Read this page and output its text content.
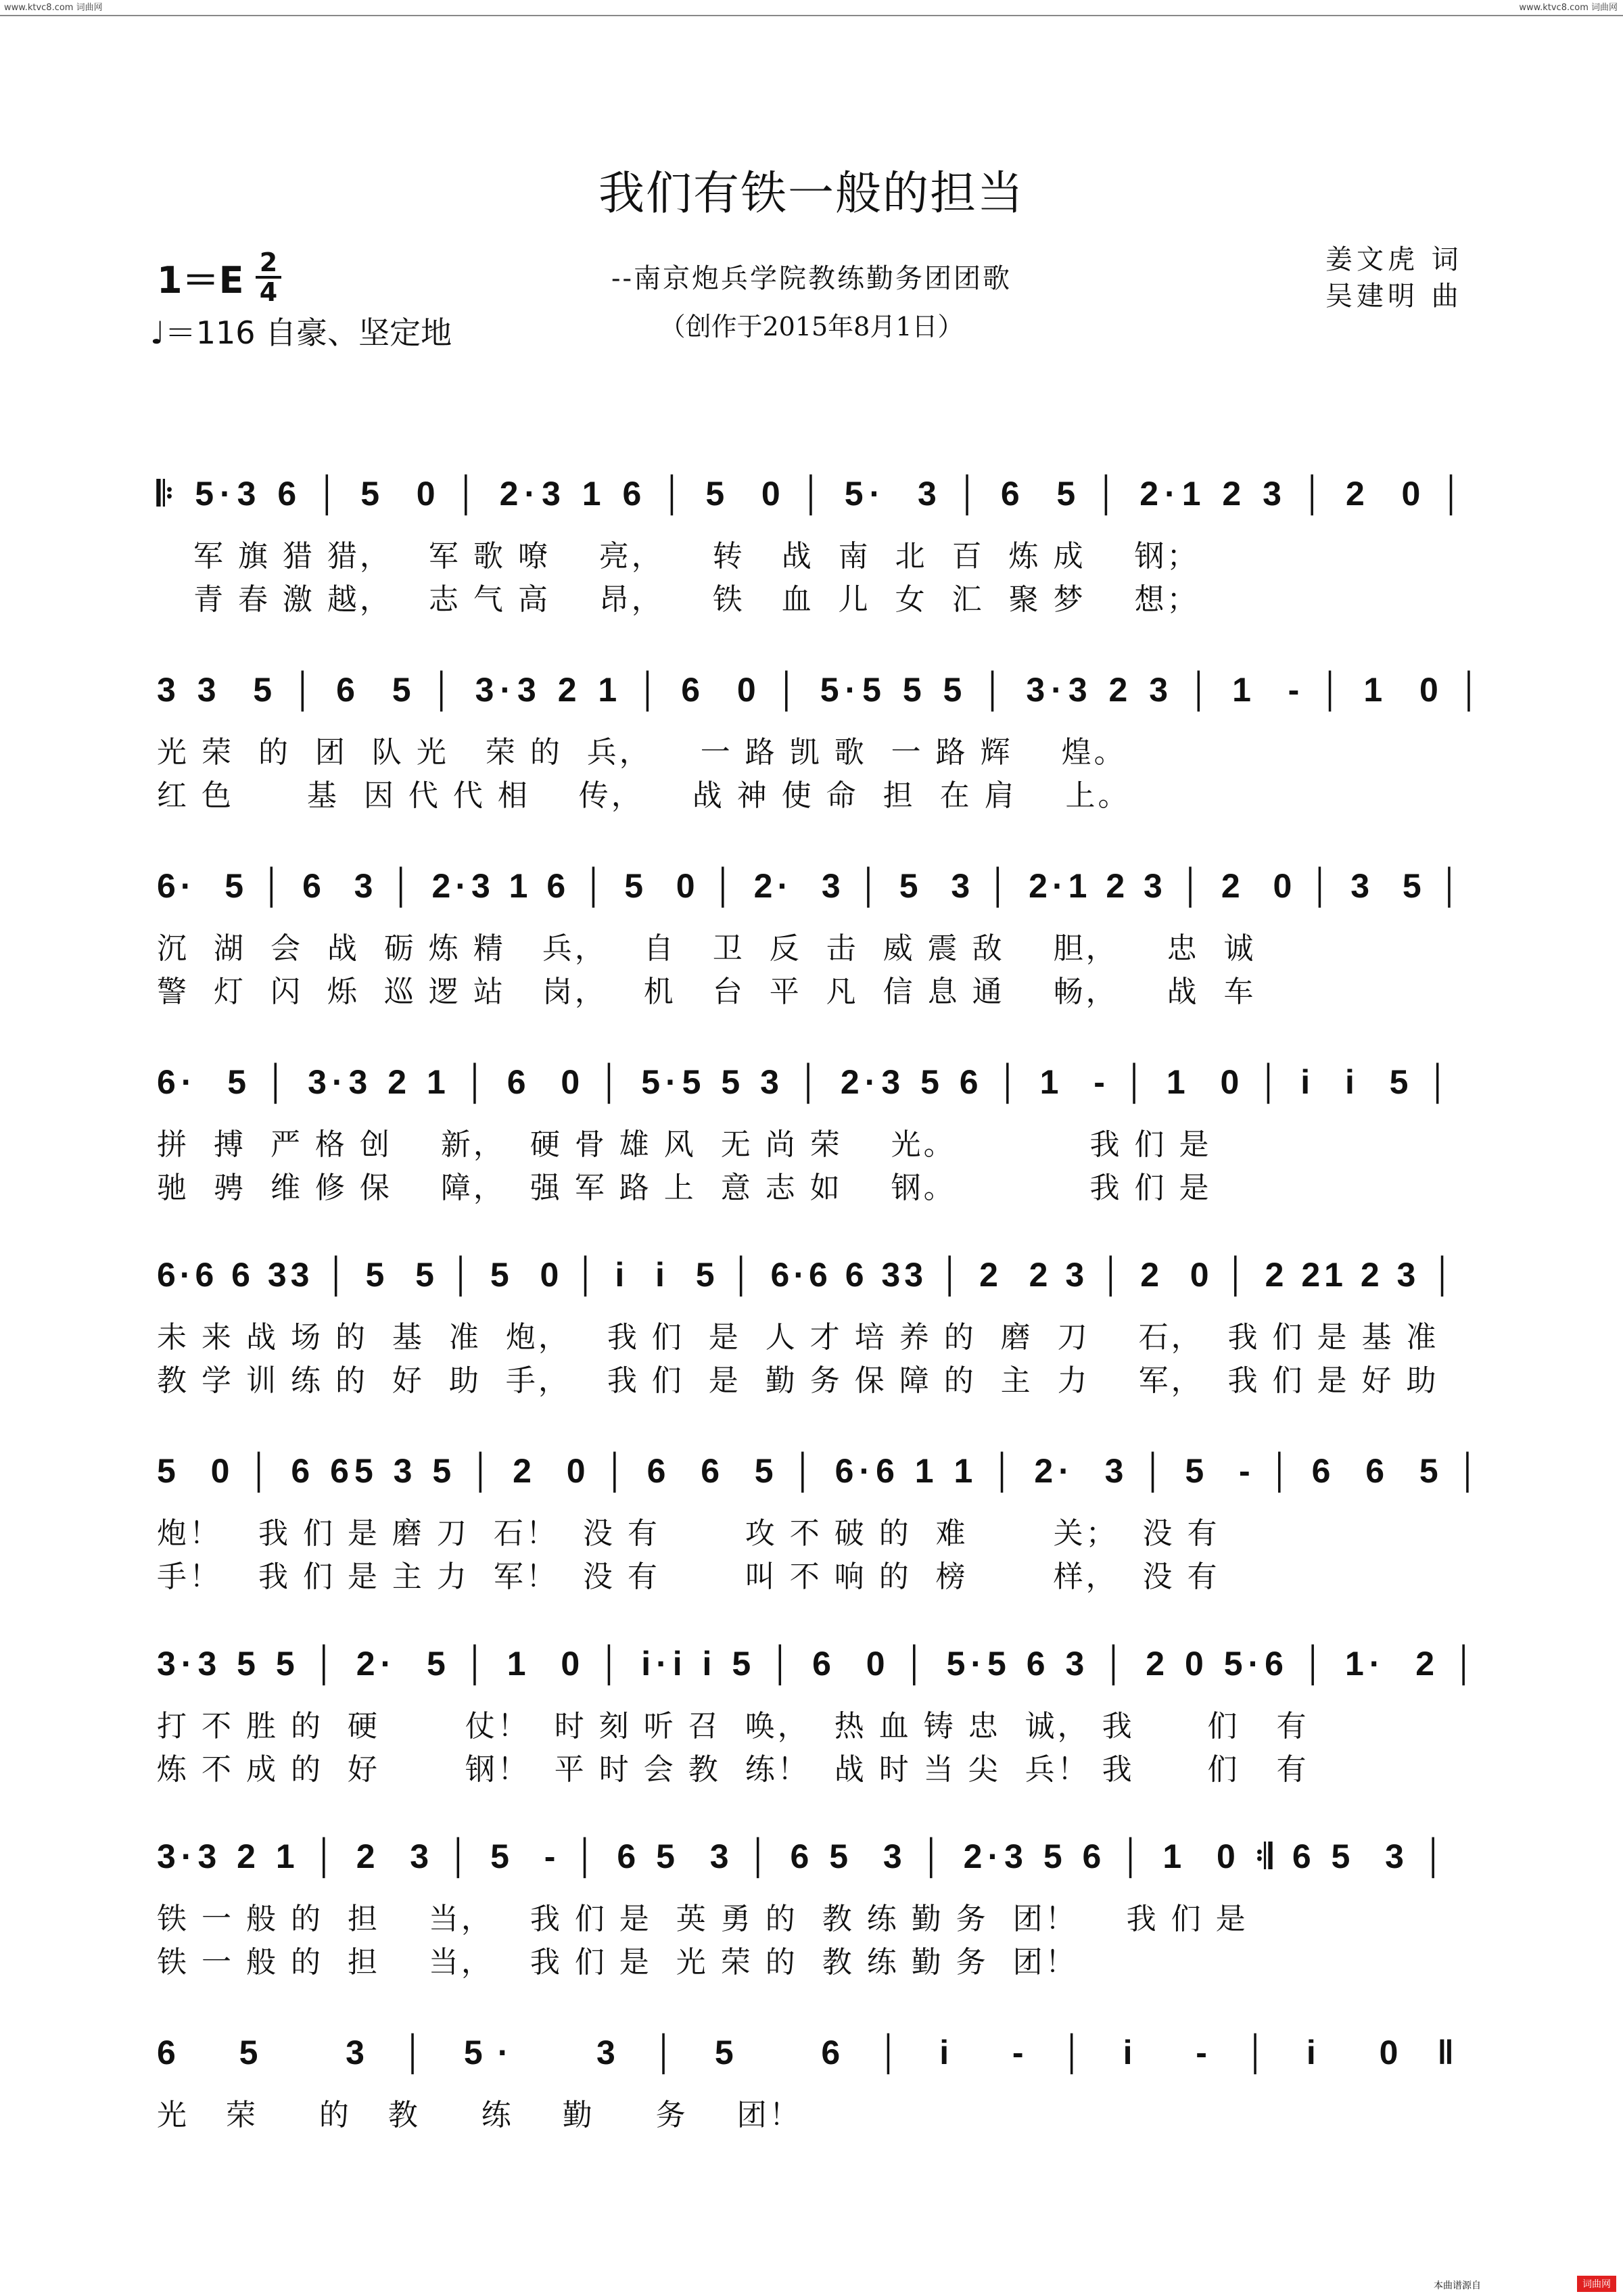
www.ktvc8.com 词曲网	www.ktvc8.com 词曲网
我们有铁一般的担当
1＝E 2
4
♩＝116 自豪、坚定地
--南京炮兵学院教练勤务团团歌
（创作于2015年8月1日）
姜文虎 词
吴建明 曲
𝄆 5·3 6 │ 5  0 │ 2·3 1 6 │ 5  0 │ 5·  3 │ 6  5 │ 2·1 2 3 │ 2  0 │
军 旗 猎 猎，   军 歌 嘹    亮，    转   战  南  北  百  炼 成    钢；
青 春 激 越，   志 气 高    昂，    铁   血  儿  女  汇  聚 梦    想；
3 3  5 │ 6  5 │ 3·3 2 1 │ 6  0 │ 5·5 5 5 │ 3·3 2 3 │ 1  - │ 1  0 │
光 荣  的  团  队 光   荣 的  兵，    一 路 凯 歌  一 路 辉    煌。
红 色      基  因 代 代 相    传，    战 神 使 命  担  在 肩    上。
6·  5 │ 6  3 │ 2·3 1 6 │ 5  0 │ 2·  3 │ 5  3 │ 2·1 2 3 │ 2  0 │ 3  5 │
沉  湖  会  战  砺 炼 精   兵，   自   卫  反  击  威 震 敌    胆，    忠  诚
警  灯  闪  烁  巡 逻 站   岗，   机   台  平  凡  信 息 通    畅，    战  车
6·  5 │ 3·3 2 1 │ 6  0 │ 5·5 5 3 │ 2·3 5 6 │ 1  - │ 1  0 │ i  i  5 │
拼  搏  严 格 创    新，  硬 骨 雄 风  无 尚 荣    光。           我 们 是
驰  骋  维 修 保    障，  强 军 路 上  意 志 如    钢。           我 们 是
6·6 6 33 │ 5  5 │ 5  0 │ i  i  5 │ 6·6 6 33 │ 2  2 3 │ 2  0 │ 2 21 2 3 │
未 来 战 场 的  基  准  炮，   我 们  是  人 才 培 养 的  磨  刀    石，  我 们 是 基 准
教 学 训 练 的  好  助  手，   我 们  是  勤 务 保 障 的  主  力    军，  我 们 是 好 助
5  0 │ 6 65 3 5 │ 2  0 │ 6  6  5 │ 6·6 1 1 │ 2·  3 │ 5  - │ 6  6  5 │
炮！   我 们 是 磨 刀  石！  没 有       攻 不 破 的  难       关；  没 有
手！   我 们 是 主 力  军！  没 有       叫 不 响 的  榜       样，  没 有
3·3 5 5 │ 2·  5 │ 1  0 │ i·i i 5 │ 6  0 │ 5·5 6 3 │ 2 0 5·6 │ 1·  2 │
打 不 胜 的  硬       仗！  时 刻 听 召  唤，  热 血 铸 忠  诚， 我      们   有
炼 不 成 的  好       钢！  平 时 会 教  练！  战 时 当 尖  兵！ 我      们   有
3·3 2 1 │ 2  3 │ 5  - │ 6 5  3 │ 6 5  3 │ 2·3 5 6 │ 1  0 𝄇 6 5  3 │
铁 一 般 的  担    当，   我 们 是  英 勇 的  教 练 勤 务  团！    我 们 是
铁 一 般 的  担    当，   我 们 是  光 荣 的  教 练 勤 务  团！
6  5   3 │ 5·   3 │ 5   6 │ i  - │ i  - │ i  0 ‖
光   荣     的   教     练    勤     务    团！
本曲谱源自	词曲网
